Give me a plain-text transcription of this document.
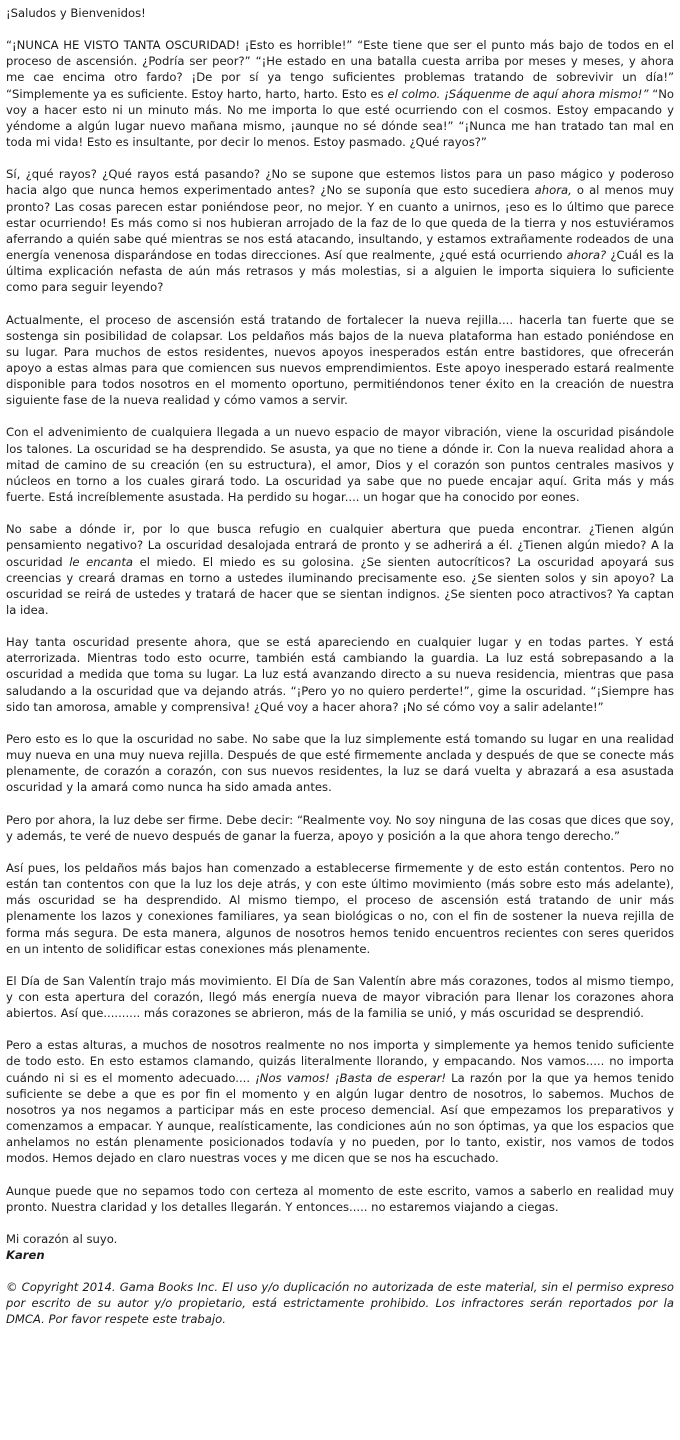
¡Saludos y Bienvenidos!

“¡NUNCA HE VISTO TANTA OSCURIDAD! ¡Esto es horrible!” “Este tiene que ser el punto más bajo de todos en el proceso de ascensión. ¿Podría ser peor?” “¡He estado en una batalla cuesta arriba por meses y meses, y ahora me cae encima otro fardo? ¡De por sí ya tengo suficientes problemas tratando de sobrevivir un día!” “Simplemente ya es suficiente. Estoy harto, harto, harto. Esto es el colmo. ¡Sáquenme de aquí ahora mismo!” “No voy a hacer esto ni un minuto más. No me importa lo que esté ocurriendo con el cosmos. Estoy empacando y yéndome a algún lugar nuevo mañana mismo, ¡aunque no sé dónde sea!” “¡Nunca me han tratado tan mal en toda mi vida! Esto es insultante, por decir lo menos. Estoy pasmado. ¿Qué rayos?”

Sí, ¿qué rayos? ¿Qué rayos está pasando? ¿No se supone que estemos listos para un paso mágico y poderoso hacia algo que nunca hemos experimentado antes? ¿No se suponía que esto sucediera ahora, o al menos muy pronto? Las cosas parecen estar poniéndose peor, no mejor. Y en cuanto a unirnos, ¡eso es lo último que parece estar ocurriendo! Es más como si nos hubieran arrojado de la faz de lo que queda de la tierra y nos estuviéramos aferrando a quién sabe qué mientras se nos está atacando, insultando, y estamos extrañamente rodeados de una energía venenosa disparándose en todas direcciones. Así que realmente, ¿qué está ocurriendo ahora? ¿Cuál es la última explicación nefasta de aún más retrasos y más molestias, si a alguien le importa siquiera lo suficiente como para seguir leyendo?

Actualmente, el proceso de ascensión está tratando de fortalecer la nueva rejilla.... hacerla tan fuerte que se sostenga sin posibilidad de colapsar. Los peldaños más bajos de la nueva plataforma han estado poniéndose en su lugar. Para muchos de estos residentes, nuevos apoyos inesperados están entre bastidores, que ofrecerán apoyo a estas almas para que comiencen sus nuevos emprendimientos. Este apoyo inesperado estará realmente disponible para todos nosotros en el momento oportuno, permitiéndonos tener éxito en la creación de nuestra siguiente fase de la nueva realidad y cómo vamos a servir.

Con el advenimiento de cualquiera llegada a un nuevo espacio de mayor vibración, viene la oscuridad pisándole los talones. La oscuridad se ha desprendido. Se asusta, ya que no tiene a dónde ir. Con la nueva realidad ahora a mitad de camino de su creación (en su estructura), el amor, Dios y el corazón son puntos centrales masivos y núcleos en torno a los cuales girará todo. La oscuridad ya sabe que no puede encajar aquí. Grita más y más fuerte. Está increíblemente asustada. Ha perdido su hogar.... un hogar que ha conocido por eones.

No sabe a dónde ir, por lo que busca refugio en cualquier abertura que pueda encontrar. ¿Tienen algún pensamiento negativo? La oscuridad desalojada entrará de pronto y se adherirá a él. ¿Tienen algún miedo? A la oscuridad le encanta el miedo. El miedo es su golosina. ¿Se sienten autocríticos? La oscuridad apoyará sus creencias y creará dramas en torno a ustedes iluminando precisamente eso. ¿Se sienten solos y sin apoyo? La oscuridad se reirá de ustedes y tratará de hacer que se sientan indignos. ¿Se sienten poco atractivos? Ya captan la idea.

Hay tanta oscuridad presente ahora, que se está apareciendo en cualquier lugar y en todas partes. Y está aterrorizada. Mientras todo esto ocurre, también está cambiando la guardia. La luz está sobrepasando a la oscuridad a medida que toma su lugar. La luz está avanzando directo a su nueva residencia, mientras que pasa saludando a la oscuridad que va dejando atrás. “¡Pero yo no quiero perderte!”, gime la oscuridad. “¡Siempre has sido tan amorosa, amable y comprensiva! ¿Qué voy a hacer ahora? ¡No sé cómo voy a salir adelante!”

Pero esto es lo que la oscuridad no sabe. No sabe que la luz simplemente está tomando su lugar en una realidad muy nueva en una muy nueva rejilla. Después de que esté firmemente anclada y después de que se conecte más plenamente, de corazón a corazón, con sus nuevos residentes, la luz se dará vuelta y abrazará a esa asustada oscuridad y la amará como nunca ha sido amada antes.

Pero por ahora, la luz debe ser firme. Debe decir: “Realmente voy. No soy ninguna de las cosas que dices que soy, y además, te veré de nuevo después de ganar la fuerza, apoyo y posición a la que ahora tengo derecho.”

Así pues, los peldaños más bajos han comenzado a establecerse firmemente y de esto están contentos. Pero no están tan contentos con que la luz los deje atrás, y con este último movimiento (más sobre esto más adelante), más oscuridad se ha desprendido. Al mismo tiempo, el proceso de ascensión está tratando de unir más plenamente los lazos y conexiones familiares, ya sean biológicas o no, con el fin de sostener la nueva rejilla de forma más segura. De esta manera, algunos de nosotros hemos tenido encuentros recientes con seres queridos en un intento de solidificar estas conexiones más plenamente.

El Día de San Valentín trajo más movimiento. El Día de San Valentín abre más corazones, todos al mismo tiempo, y con esta apertura del corazón, llegó más energía nueva de mayor vibración para llenar los corazones ahora abiertos. Así que.......... más corazones se abrieron, más de la familia se unió, y más oscuridad se desprendió.

Pero a estas alturas, a muchos de nosotros realmente no nos importa y simplemente ya hemos tenido suficiente de todo esto. En esto estamos clamando, quizás literalmente llorando, y empacando. Nos vamos..... no importa cuándo ni si es el momento adecuado.... ¡Nos vamos! ¡Basta de esperar! La razón por la que ya hemos tenido suficiente se debe a que es por fin el momento y en algún lugar dentro de nosotros, lo sabemos. Muchos de nosotros ya nos negamos a participar más en este proceso demencial. Así que empezamos los preparativos y comenzamos a empacar. Y aunque, realísticamente, las condiciones aún no son óptimas, ya que los espacios que anhelamos no están plenamente posicionados todavía y no pueden, por lo tanto, existir, nos vamos de todos modos. Hemos dejado en claro nuestras voces y me dicen que se nos ha escuchado.

Aunque puede que no sepamos todo con certeza al momento de este escrito, vamos a saberlo en realidad muy pronto. Nuestra claridad y los detalles llegarán. Y entonces..... no estaremos viajando a ciegas.

Mi corazón al suyo.

Karen

© Copyright 2014. Gama Books Inc. El uso y/o duplicación no autorizada de este material, sin el permiso expreso por escrito de su autor y/o propietario, está estrictamente prohibido. Los infractores serán reportados por la DMCA. Por favor respete este trabajo.
